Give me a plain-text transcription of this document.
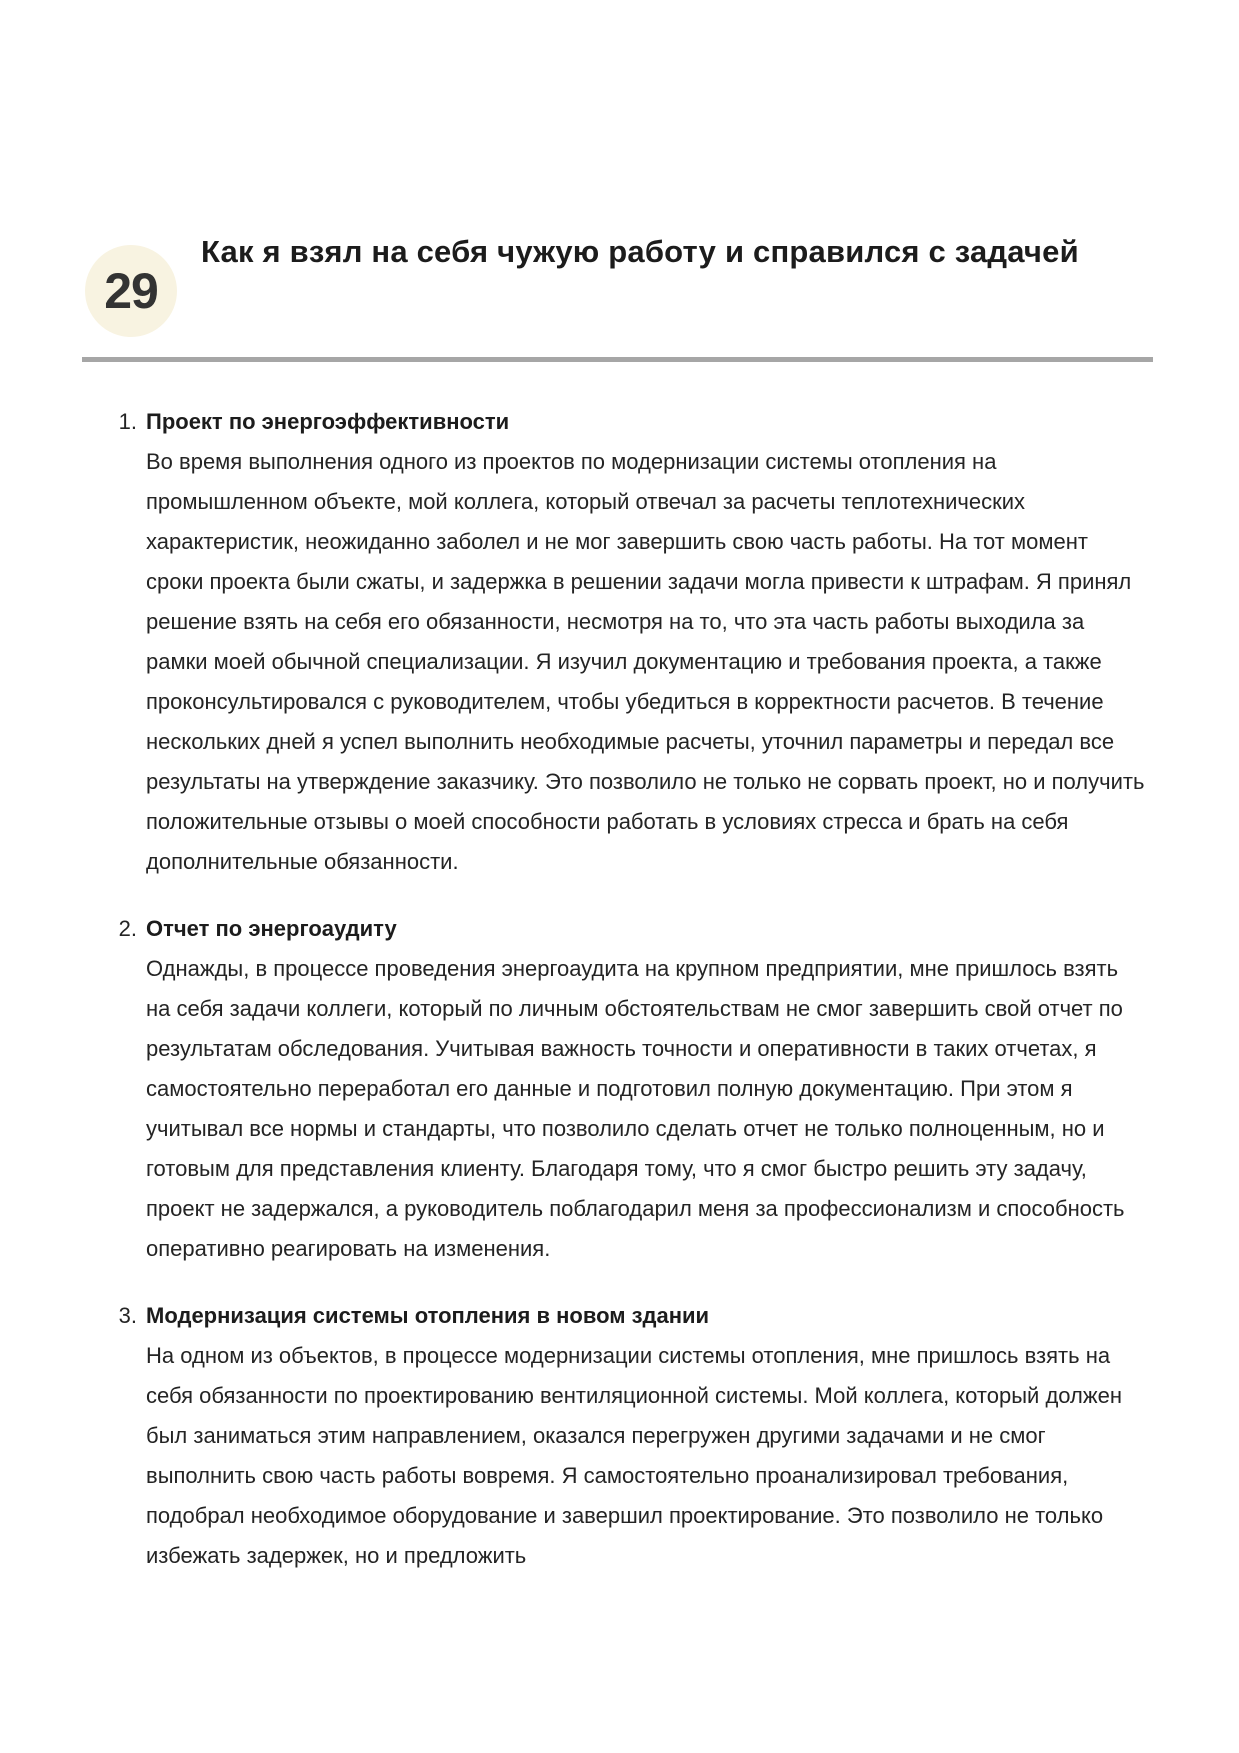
29
Как я взял на себя чужую работу и справился с задачей
1. Проект по энергоэффективности
Во время выполнения одного из проектов по модернизации системы отопления на промышленном объекте, мой коллега, который отвечал за расчеты теплотехнических характеристик, неожиданно заболел и не мог завершить свою часть работы. На тот момент сроки проекта были сжаты, и задержка в решении задачи могла привести к штрафам. Я принял решение взять на себя его обязанности, несмотря на то, что эта часть работы выходила за рамки моей обычной специализации. Я изучил документацию и требования проекта, а также проконсультировался с руководителем, чтобы убедиться в корректности расчетов. В течение нескольких дней я успел выполнить необходимые расчеты, уточнил параметры и передал все результаты на утверждение заказчику. Это позволило не только не сорвать проект, но и получить положительные отзывы о моей способности работать в условиях стресса и брать на себя дополнительные обязанности.
2. Отчет по энергоаудиту
Однажды, в процессе проведения энергоаудита на крупном предприятии, мне пришлось взять на себя задачи коллеги, который по личным обстоятельствам не смог завершить свой отчет по результатам обследования. Учитывая важность точности и оперативности в таких отчетах, я самостоятельно переработал его данные и подготовил полную документацию. При этом я учитывал все нормы и стандарты, что позволило сделать отчет не только полноценным, но и готовым для представления клиенту. Благодаря тому, что я смог быстро решить эту задачу, проект не задержался, а руководитель поблагодарил меня за профессионализм и способность оперативно реагировать на изменения.
3. Модернизация системы отопления в новом здании
На одном из объектов, в процессе модернизации системы отопления, мне пришлось взять на себя обязанности по проектированию вентиляционной системы. Мой коллега, который должен был заниматься этим направлением, оказался перегружен другими задачами и не смог выполнить свою часть работы вовремя. Я самостоятельно проанализировал требования, подобрал необходимое оборудование и завершил проектирование. Это позволило не только избежать задержек, но и предложить
